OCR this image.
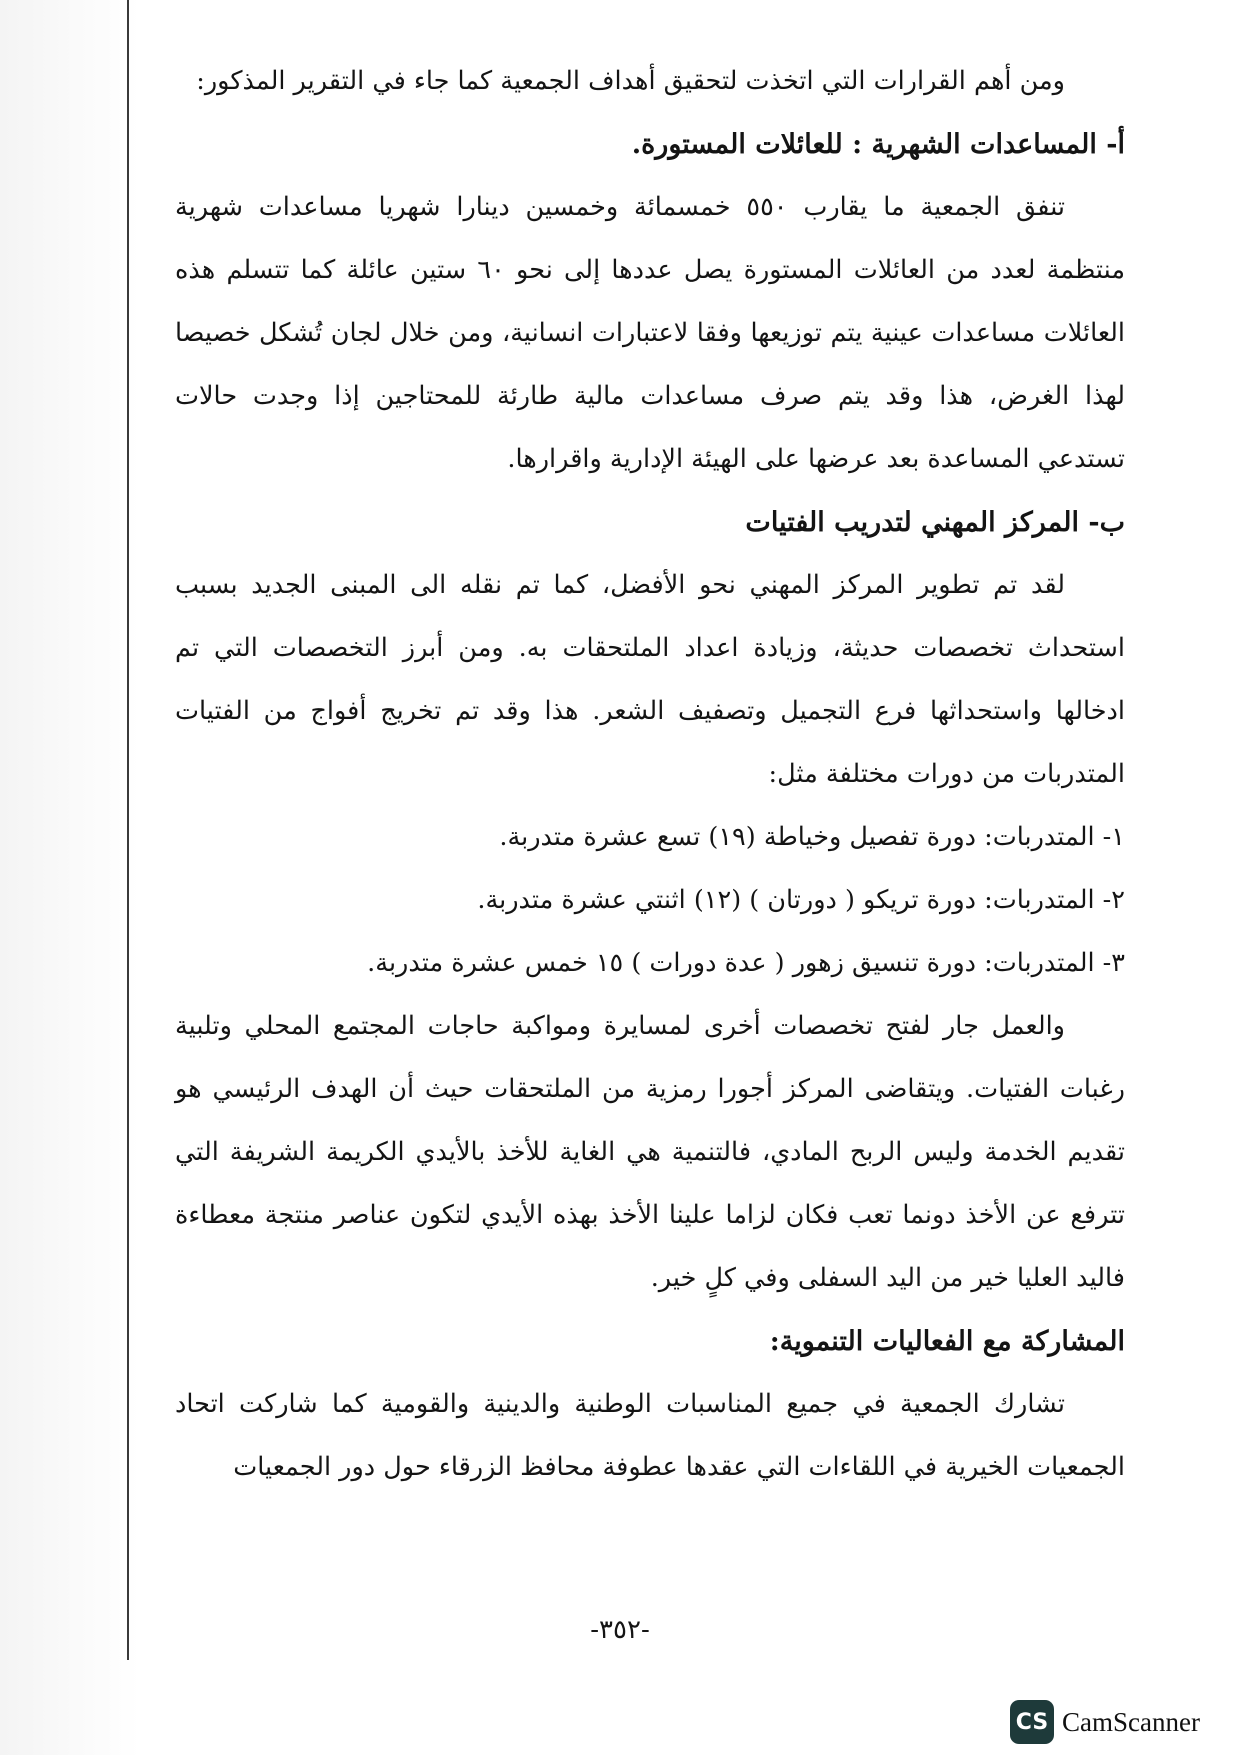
ومن أهم القرارات التي اتخذت لتحقيق أهداف الجمعية كما جاء في التقرير المذكور:

أ- المساعدات الشهرية : للعائلات المستورة.

تنفق الجمعية ما يقارب ٥٥٠ خمسمائة وخمسين دينارا شهريا مساعدات شهرية منتظمة لعدد من العائلات المستورة يصل عددها إلى نحو ٦٠ ستين عائلة كما تتسلم هذه العائلات مساعدات عينية يتم توزيعها وفقا لاعتبارات انسانية، ومن خلال لجان تُشكل خصيصا لهذا الغرض، هذا وقد يتم صرف مساعدات مالية طارئة للمحتاجين إذا وجدت حالات تستدعي المساعدة بعد عرضها على الهيئة الإدارية واقرارها.

ب- المركز المهني لتدريب الفتيات

لقد تم تطوير المركز المهني نحو الأفضل، كما تم نقله الى المبنى الجديد بسبب استحداث تخصصات حديثة، وزيادة اعداد الملتحقات به. ومن أبرز التخصصات التي تم ادخالها واستحداثها فرع التجميل وتصفيف الشعر. هذا وقد تم تخريج أفواج من الفتيات المتدربات من دورات مختلفة مثل:

١- المتدربات: دورة تفصيل وخياطة (١٩) تسع عشرة متدربة.

٢- المتدربات: دورة تريكو ( دورتان ) (١٢) اثنتي عشرة متدربة.

٣- المتدربات: دورة تنسيق زهور ( عدة دورات ) ١٥ خمس عشرة متدربة.

والعمل جار لفتح تخصصات أخرى لمسايرة ومواكبة حاجات المجتمع المحلي وتلبية رغبات الفتيات. ويتقاضى المركز أجورا رمزية من الملتحقات حيث أن الهدف الرئيسي هو تقديم الخدمة وليس الربح المادي، فالتنمية هي الغاية للأخذ بالأيدي الكريمة الشريفة التي تترفع عن الأخذ دونما تعب فكان لزاما علينا الأخذ بهذه الأيدي لتكون عناصر منتجة معطاءة فاليد العليا خير من اليد السفلى وفي كلٍ خير.

المشاركة مع الفعاليات التنموية:

تشارك الجمعية في جميع المناسبات الوطنية والدينية والقومية كما شاركت اتحاد الجمعيات الخيرية في اللقاءات التي عقدها عطوفة محافظ الزرقاء حول دور الجمعيات

-٣٥٢-
CS CamScanner
